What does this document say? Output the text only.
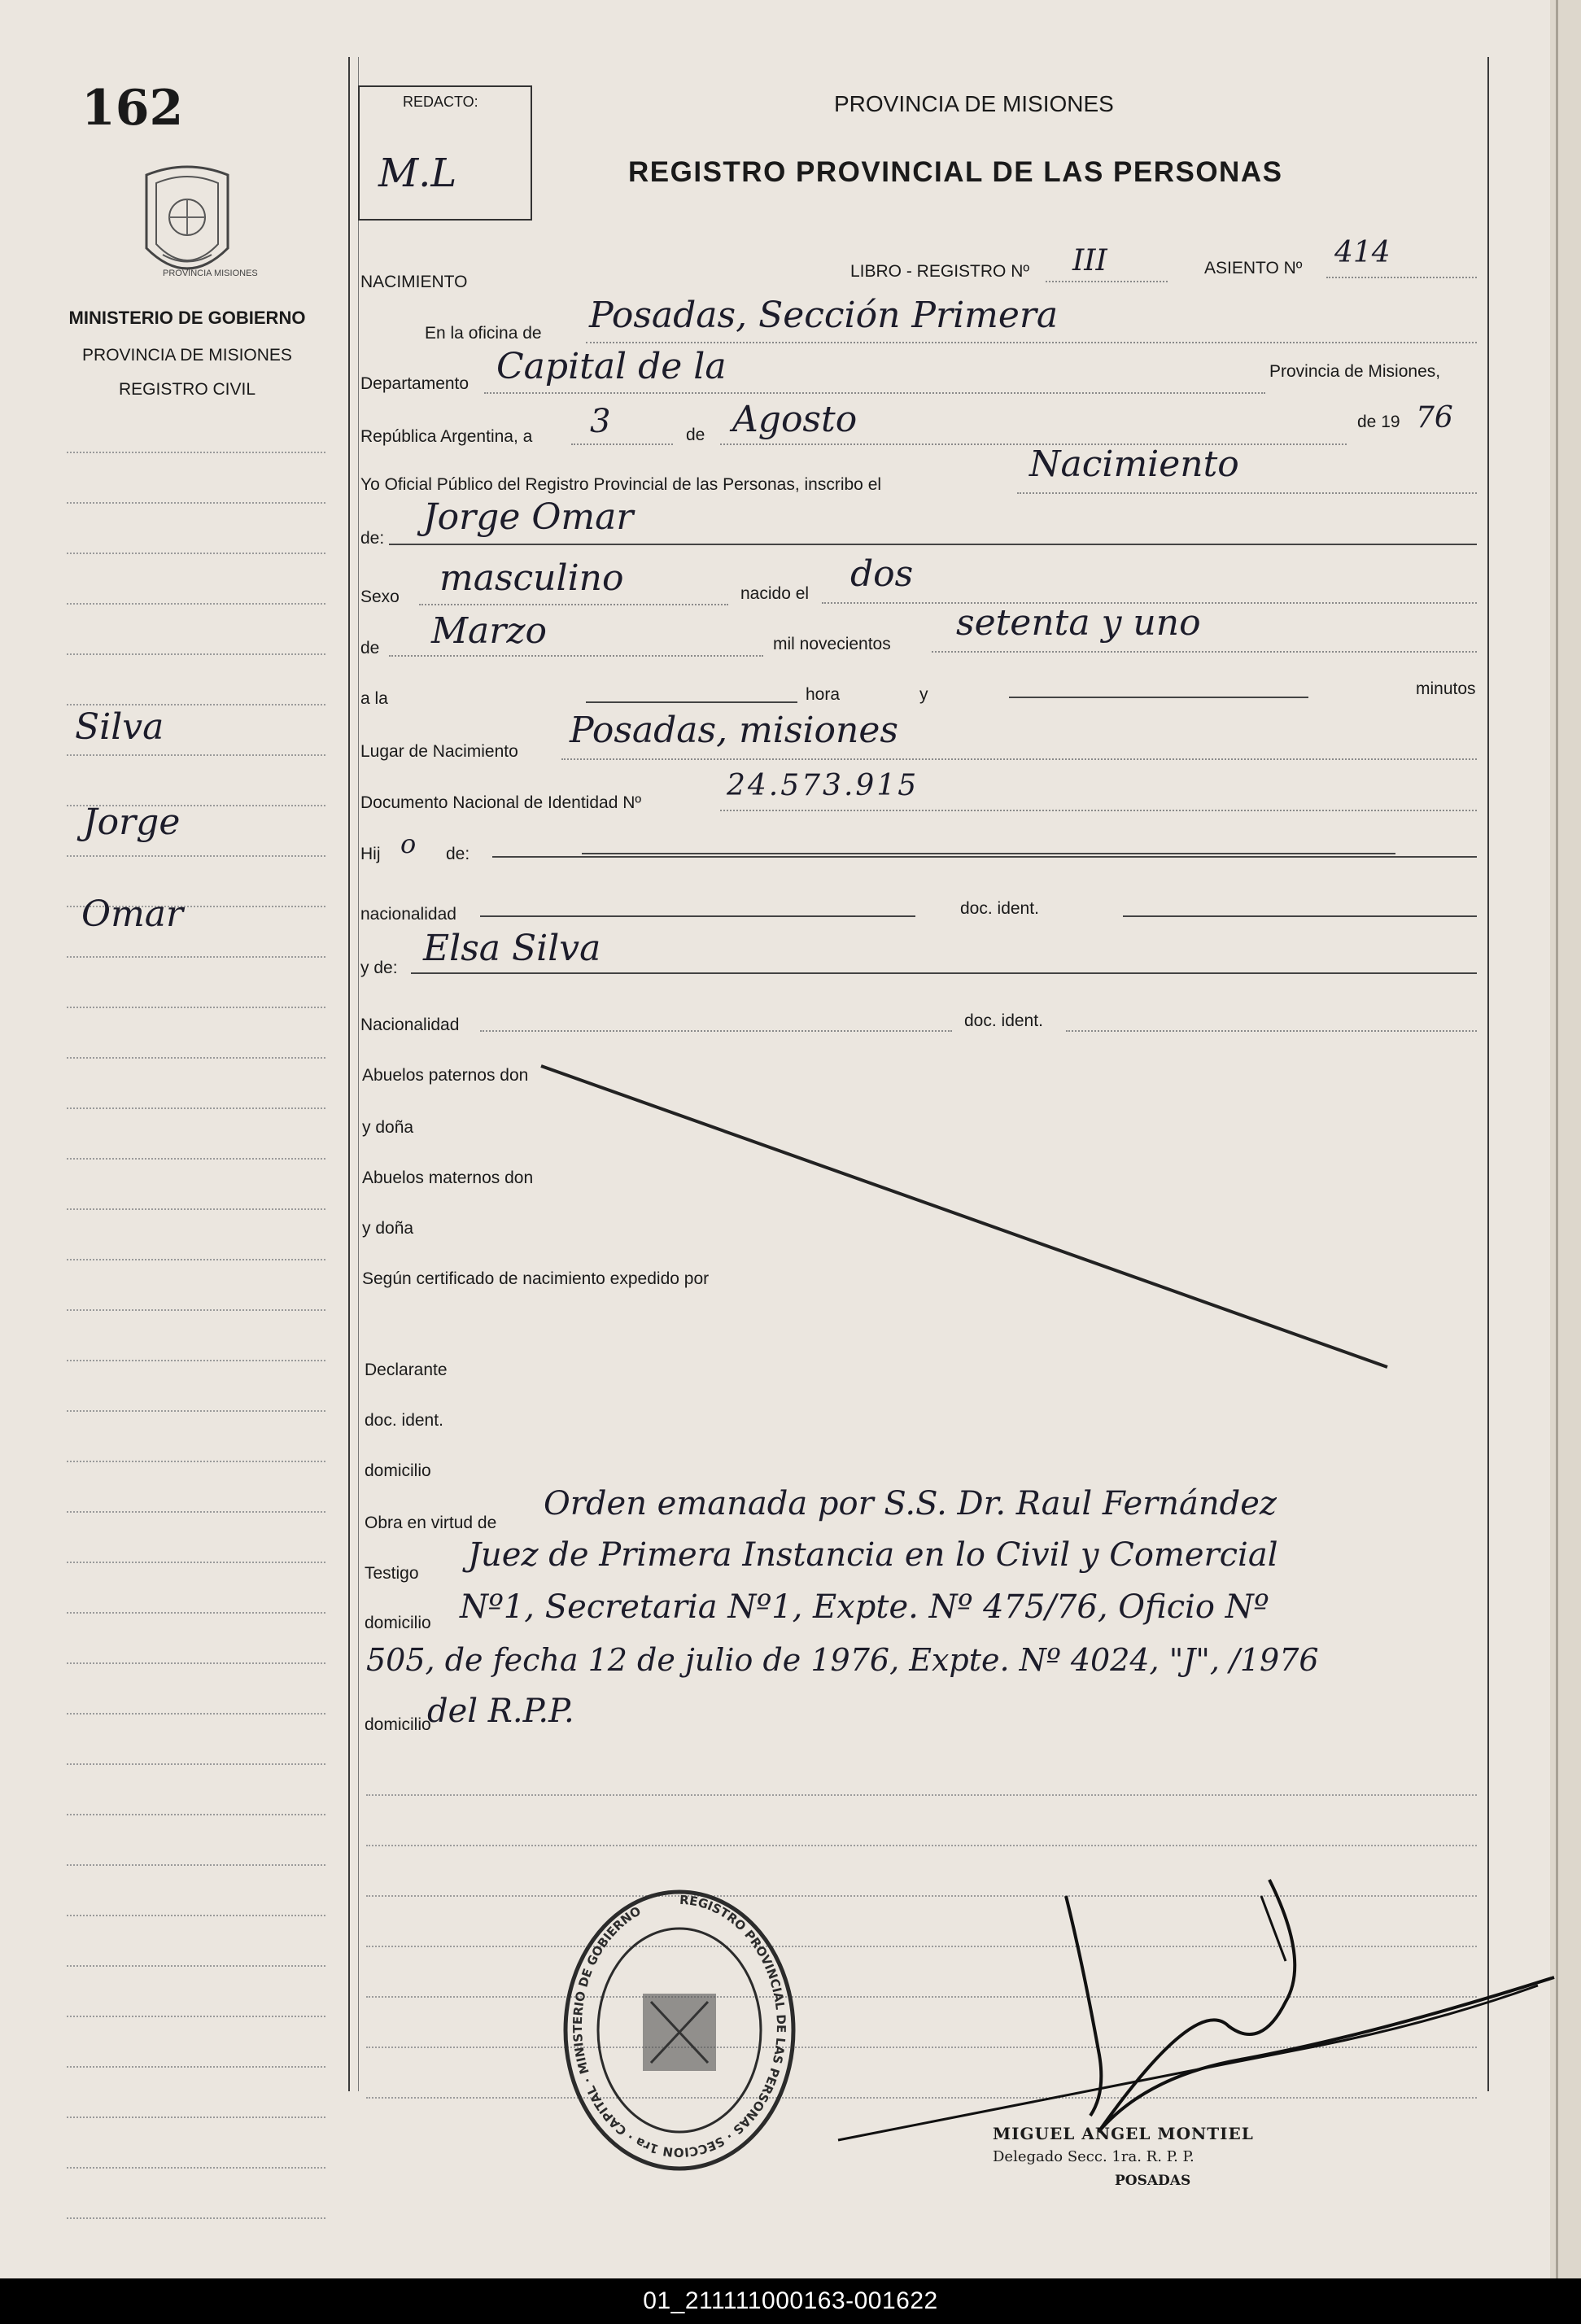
162
PROVINCIA MISIONES
MINISTERIO DE GOBIERNO
PROVINCIA DE MISIONES
REGISTRO CIVIL
Silva
Jorge
Omar
REDACTO:
M.L
PROVINCIA DE MISIONES
REGISTRO PROVINCIAL DE LAS PERSONAS
NACIMIENTO
LIBRO - REGISTRO Nº III	ASIENTO Nº 414
En la oficina de Posadas, Sección Primera
Departamento Capital de la	Provincia de Misiones,
República Argentina, a 3	de Agosto	de 19 76
Yo Oficial Público del Registro Provincial de las Personas, inscribo el	Nacimiento
de:
Jorge Omar
Sexo masculino	nacido el dos
de Marzo	mil novecientos
setenta y uno
a la	hora	y	minutos
Lugar de Nacimiento
Posadas, misiones
Documento Nacional de Identidad Nº
24.573.915
Hij o de:
nacionalidad	doc. ident.
y de: Elsa Silva
Nacionalidad	doc. ident.
Abuelos paternos don
y doña
Abuelos maternos don
y doña
Según certificado de nacimiento expedido por
Declarante
doc. ident.
domicilio
Obra en virtud de
Testigo
domicilio
domicilio
Orden emanada por S.S. Dr. Raul Fernández
Juez de Primera Instancia en lo Civil y Comercial
Nº1, Secretaria Nº1, Expte. Nº 475/76, Oficio Nº
505, de fecha 12 de julio de 1976, Expte. Nº 4024, "J", /1976
del R.P.P.
REGISTRO PROVINCIAL DE LAS PERSONAS · SECCION 1ra · CAPITAL · MINISTERIO DE GOBIERNO
MIGUEL ANGEL MONTIEL
Delegado Secc. 1ra. R. P. P.
POSADAS
01_211111000163-001622
